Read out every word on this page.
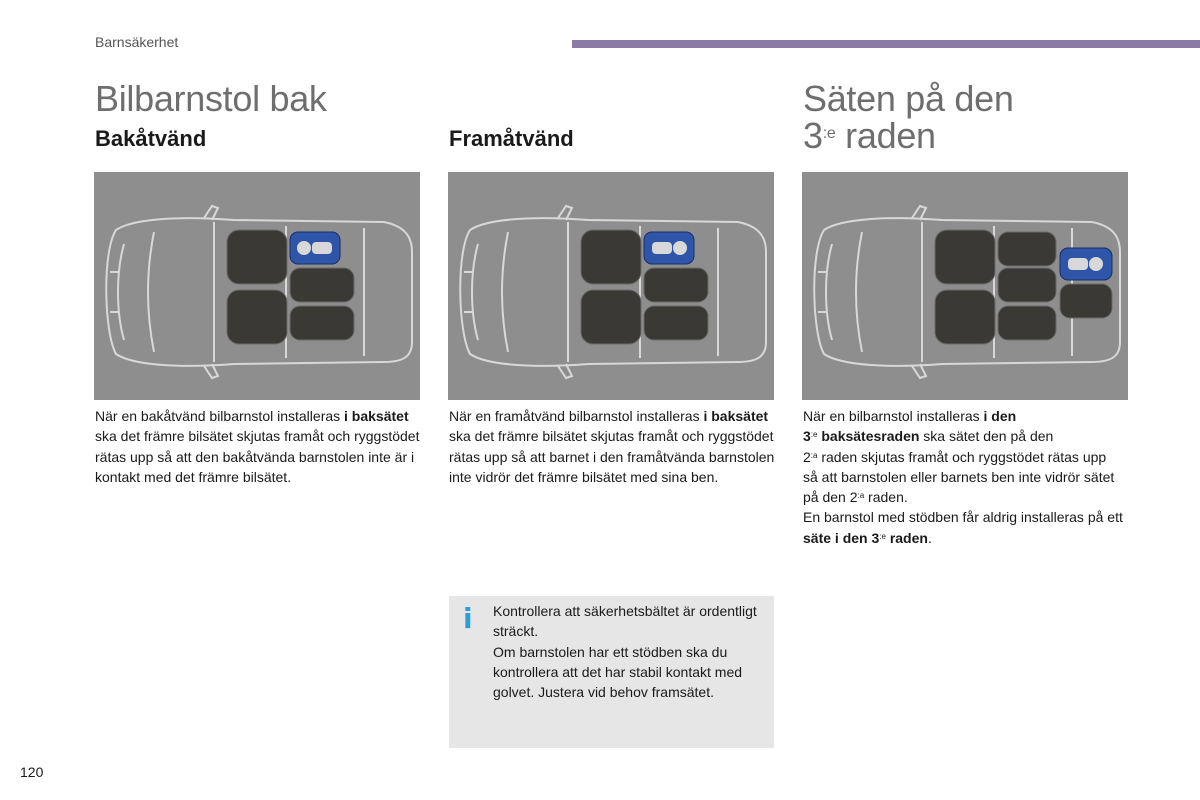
Barnsäkerhet
Bilbarnstol bak	Säten på den
$3^{:e}$ raden
Bakåtvänd	Framåtvänd
När en bakåtvänd bilbarnstol installeras i baksätet ska det främre bilsätet skjutas framåt och ryggstödet rätas upp så att den bakåtvända barnstolen inte är i kontakt med det främre bilsätet.
När en framåtvänd bilbarnstol installeras i baksätet ska det främre bilsätet skjutas framåt och ryggstödet rätas upp så att barnet i den framåtvända barnstolen inte vidrör det främre bilsätet med sina ben.
När en bilbarnstol installeras i den
$3^{:e}$ baksätesraden ska sätet den på den
$2^{:a}$ raden skjutas framåt och ryggstödet rätas upp så att barnstolen eller barnets ben inte vidrör sätet på den $2^{:a}$ raden.
En barnstol med stödben får aldrig installeras på ett säte i den $3^{:e}$ raden.
i Kontrollera att säkerhetsbältet är ordentligt sträckt.
Om barnstolen har ett stödben ska du kontrollera att det har stabil kontakt med golvet. Justera vid behov framsätet.
120
